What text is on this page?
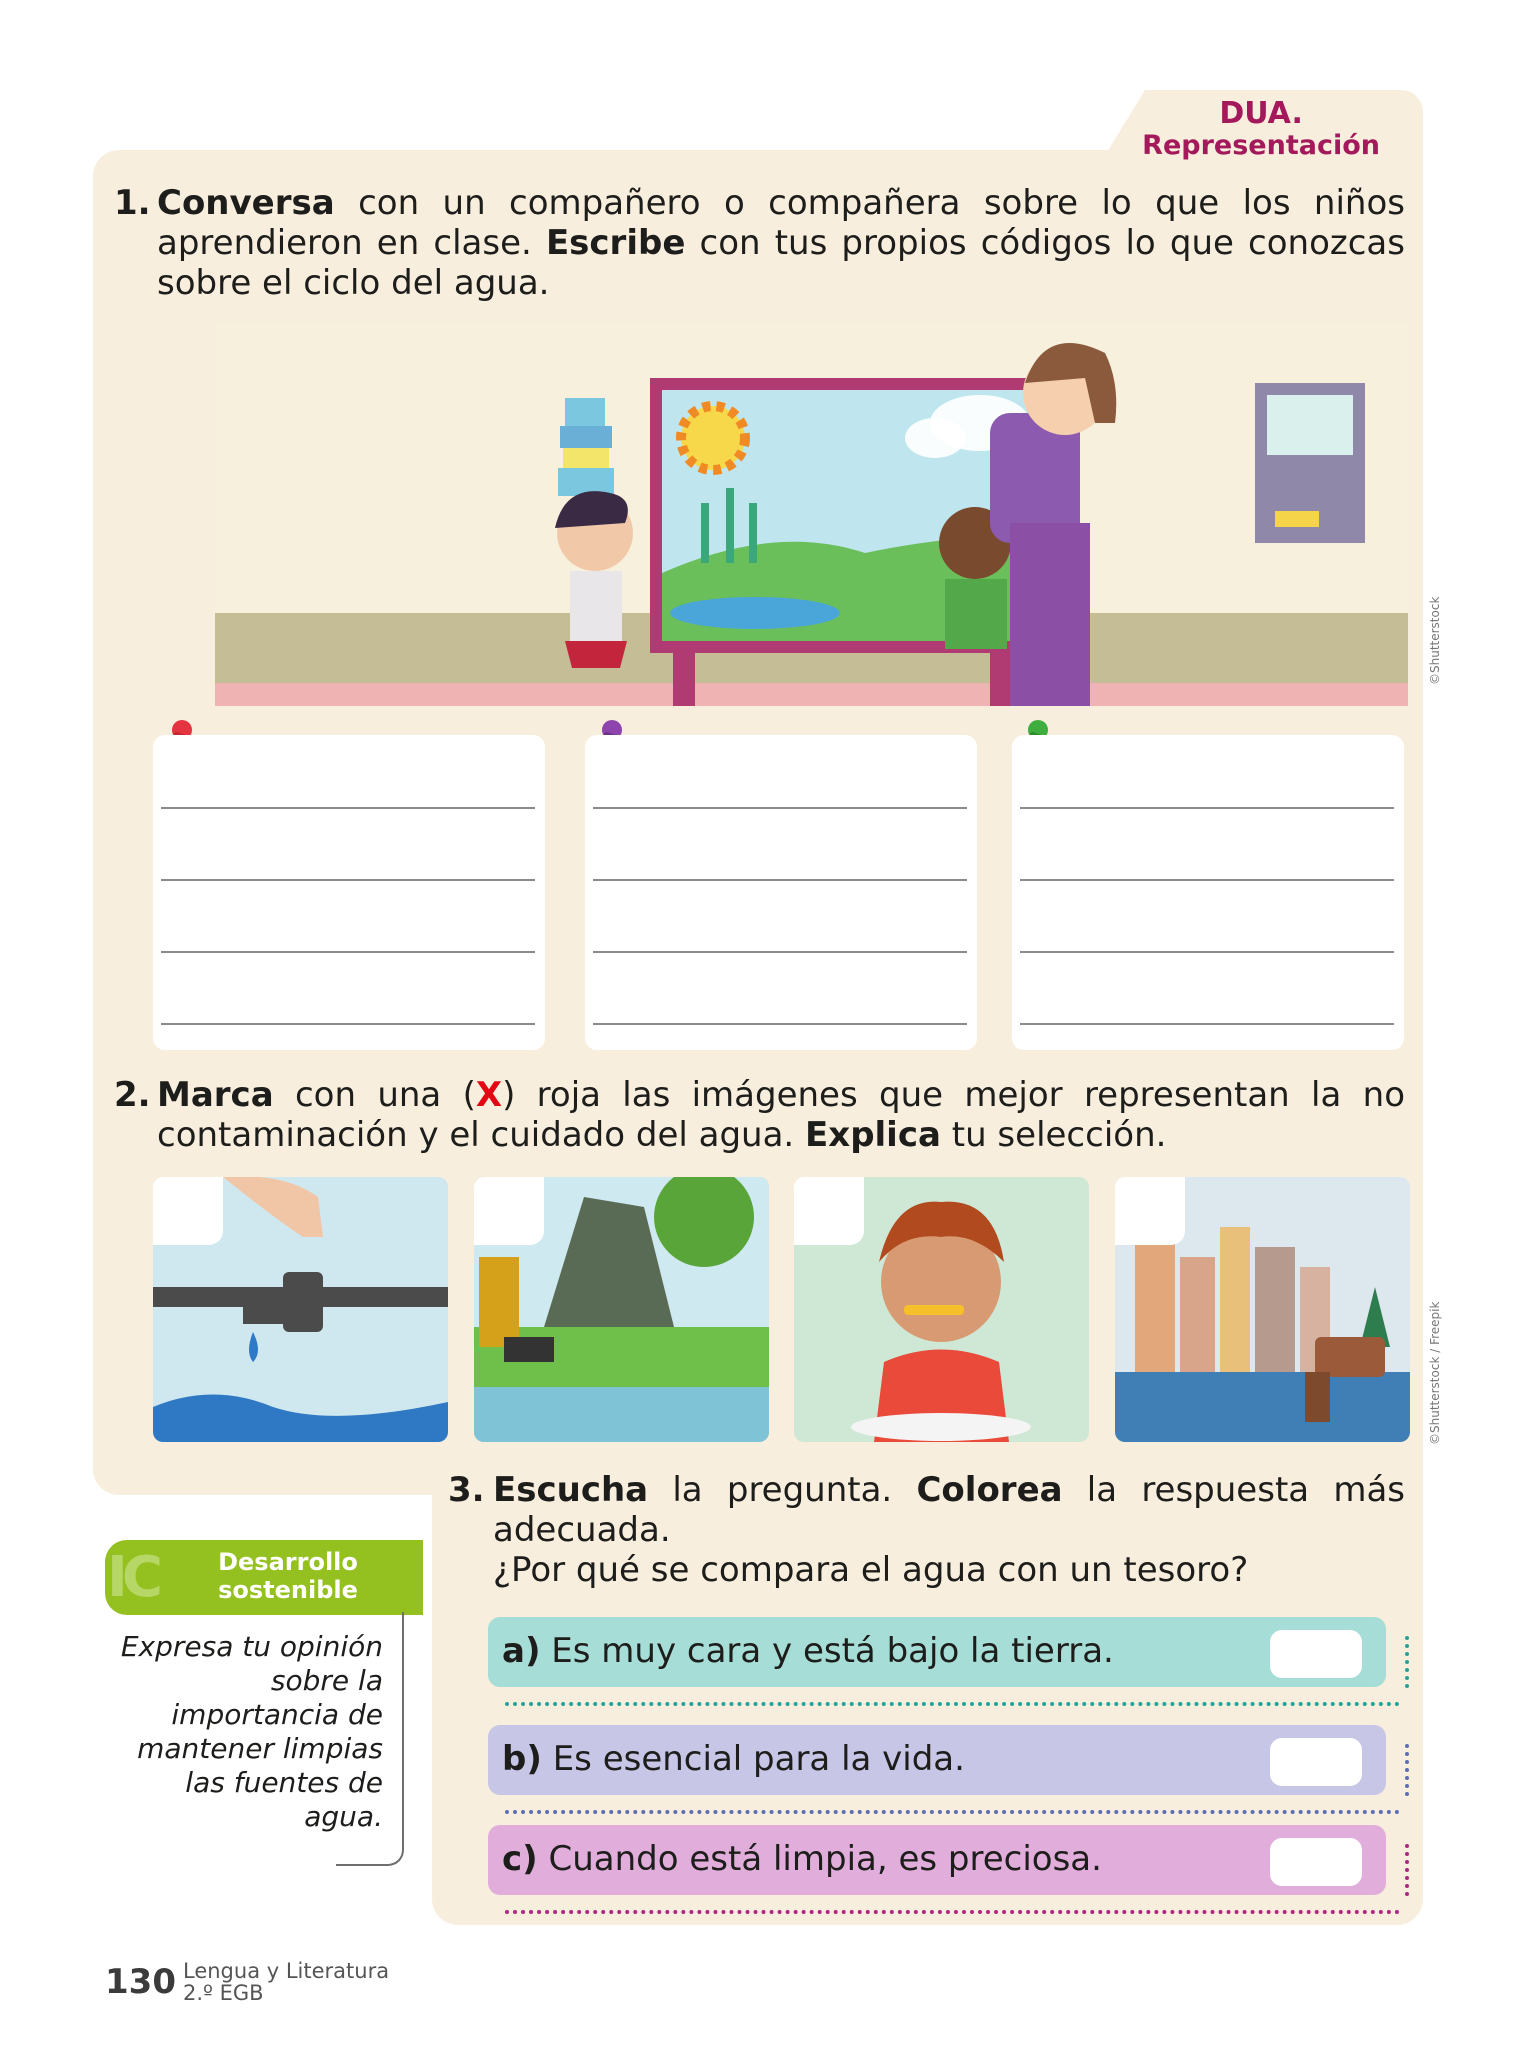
DUA.
Representación
1. Conversa con un compañero o compañera sobre lo que los niños aprendieron en clase. Escribe con tus propios códigos lo que conozcas sobre el ciclo del agua.
©Shutterstock
2. Marca con una (X) roja las imágenes que mejor representan la no contaminación y el cuidado del agua. Explica tu selección.
©Shutterstock / Freepik
IC	Desarrollo
sostenible
Expresa tu opinión sobre la importancia de mantener limpias las fuentes de agua.
3. Escucha la pregunta. Colorea la respuesta más adecuada.
¿Por qué se compara el agua con un tesoro?
a) Es muy cara y está bajo la tierra.
b) Es esencial para la vida.
c) Cuando está limpia, es preciosa.
130 Lengua y Literatura
2.º EGB
